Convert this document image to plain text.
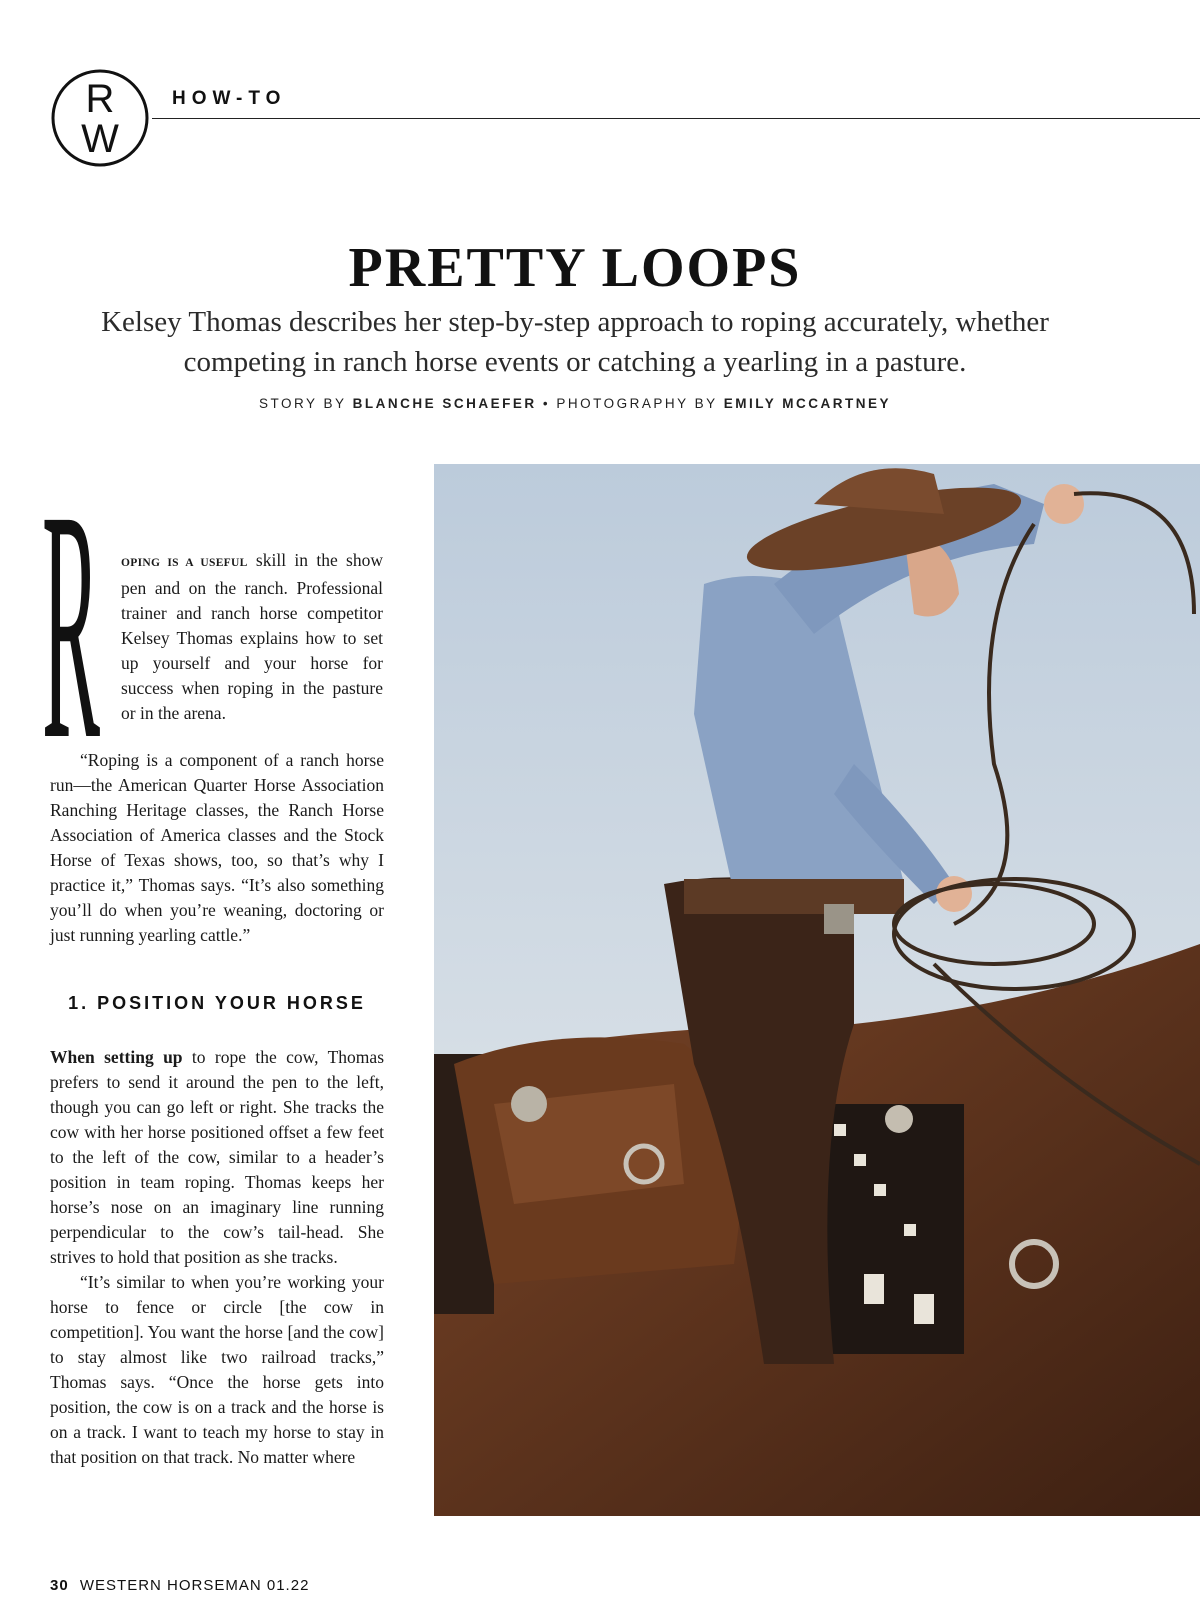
R
W
HOW-TO
PRETTY LOOPS

Kelsey Thomas describes her step-by-step approach to roping accurately, whether competing in ranch horse events or catching a yearling in a pasture.

STORY BY BLANCHE SCHAEFER • PHOTOGRAPHY BY EMILY MCCARTNEY
R OPING IS A USEFUL skill in the show pen and on the ranch. Professional trainer and ranch horse competitor Kelsey Thomas explains how to set up yourself and your horse for success when roping in the pasture or in the arena.

“Roping is a component of a ranch horse run—the American Quarter Horse Association Ranching Heritage classes, the Ranch Horse Association of America classes and the Stock Horse of Texas shows, too, so that’s why I practice it,” Thomas says. “It’s also something you’ll do when you’re weaning, doctoring or just running yearling cattle.”

1. POSITION YOUR HORSE

When setting up to rope the cow, Thomas prefers to send it around the pen to the left, though you can go left or right. She tracks the cow with her horse positioned offset a few feet to the left of the cow, similar to a header’s position in team roping. Thomas keeps her horse’s nose on an imaginary line running perpendicular to the cow’s tail-head. She strives to hold that position as she tracks.

“It’s similar to when you’re working your horse to fence or circle [the cow in competition]. You want the horse [and the cow] to stay almost like two railroad tracks,” Thomas says. “Once the horse gets into position, the cow is on a track and the horse is on a track. I want to teach my horse to stay in that position on that track. No matter where

30 WESTERN HORSEMAN 01.22
